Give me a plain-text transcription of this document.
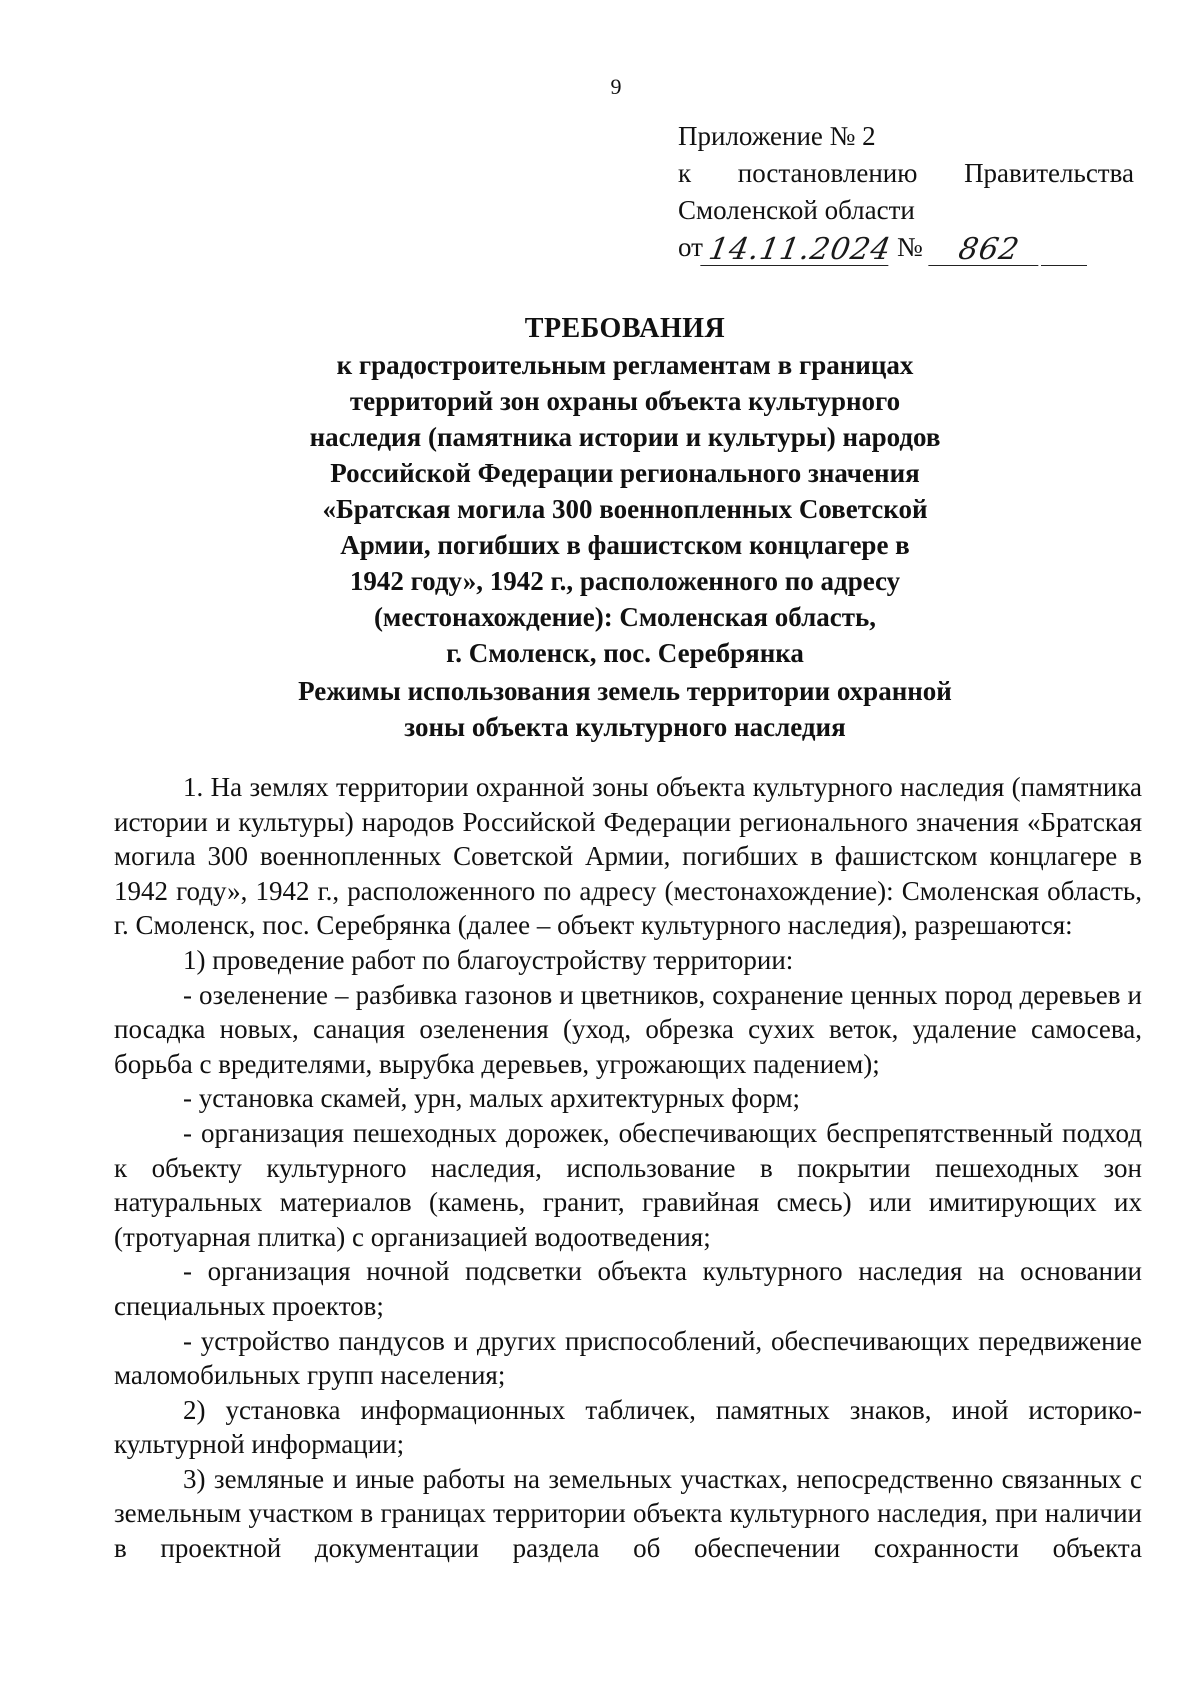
9
Приложение № 2
к постановлению Правительства
Смоленской области
от 14.11.2024 №	862
ТРЕБОВАНИЯ
к градостроительным регламентам в границах
территорий зон охраны объекта культурного
наследия (памятника истории и культуры) народов
Российской Федерации регионального значения
«Братская могила 300 военнопленных Советской
Армии, погибших в фашистском концлагере в
1942 году», 1942 г., расположенного по адресу
(местонахождение): Смоленская область,
г. Смоленск, пос. Серебрянка
Режимы использования земель территории охранной
зоны объекта культурного наследия

1. На землях территории охранной зоны объекта культурного наследия (памятника истории и культуры) народов Российской Федерации регионального значения «Братская могила 300 военнопленных Советской Армии, погибших в фашистском концлагере в 1942 году», 1942 г., расположенного по адресу (местонахождение): Смоленская область, г. Смоленск, пос. Серебрянка (далее – объект культурного наследия), разрешаются:

1) проведение работ по благоустройству территории:

- озеленение – разбивка газонов и цветников, сохранение ценных пород деревьев и посадка новых, санация озеленения (уход, обрезка сухих веток, удаление самосева, борьба с вредителями, вырубка деревьев, угрожающих падением);

- установка скамей, урн, малых архитектурных форм;

- организация пешеходных дорожек, обеспечивающих беспрепятственный подход к объекту культурного наследия, использование в покрытии пешеходных зон натуральных материалов (камень, гранит, гравийная смесь) или имитирующих их (тротуарная плитка) с организацией водоотведения;

- организация ночной подсветки объекта культурного наследия на основании специальных проектов;

- устройство пандусов и других приспособлений, обеспечивающих передвижение маломобильных групп населения;

2) установка информационных табличек, памятных знаков, иной историко-культурной информации;

3) земляные и иные работы на земельных участках, непосредственно связанных с земельным участком в границах территории объекта культурного наследия, при наличии в проектной документации раздела об обеспечении сохранности объекта
